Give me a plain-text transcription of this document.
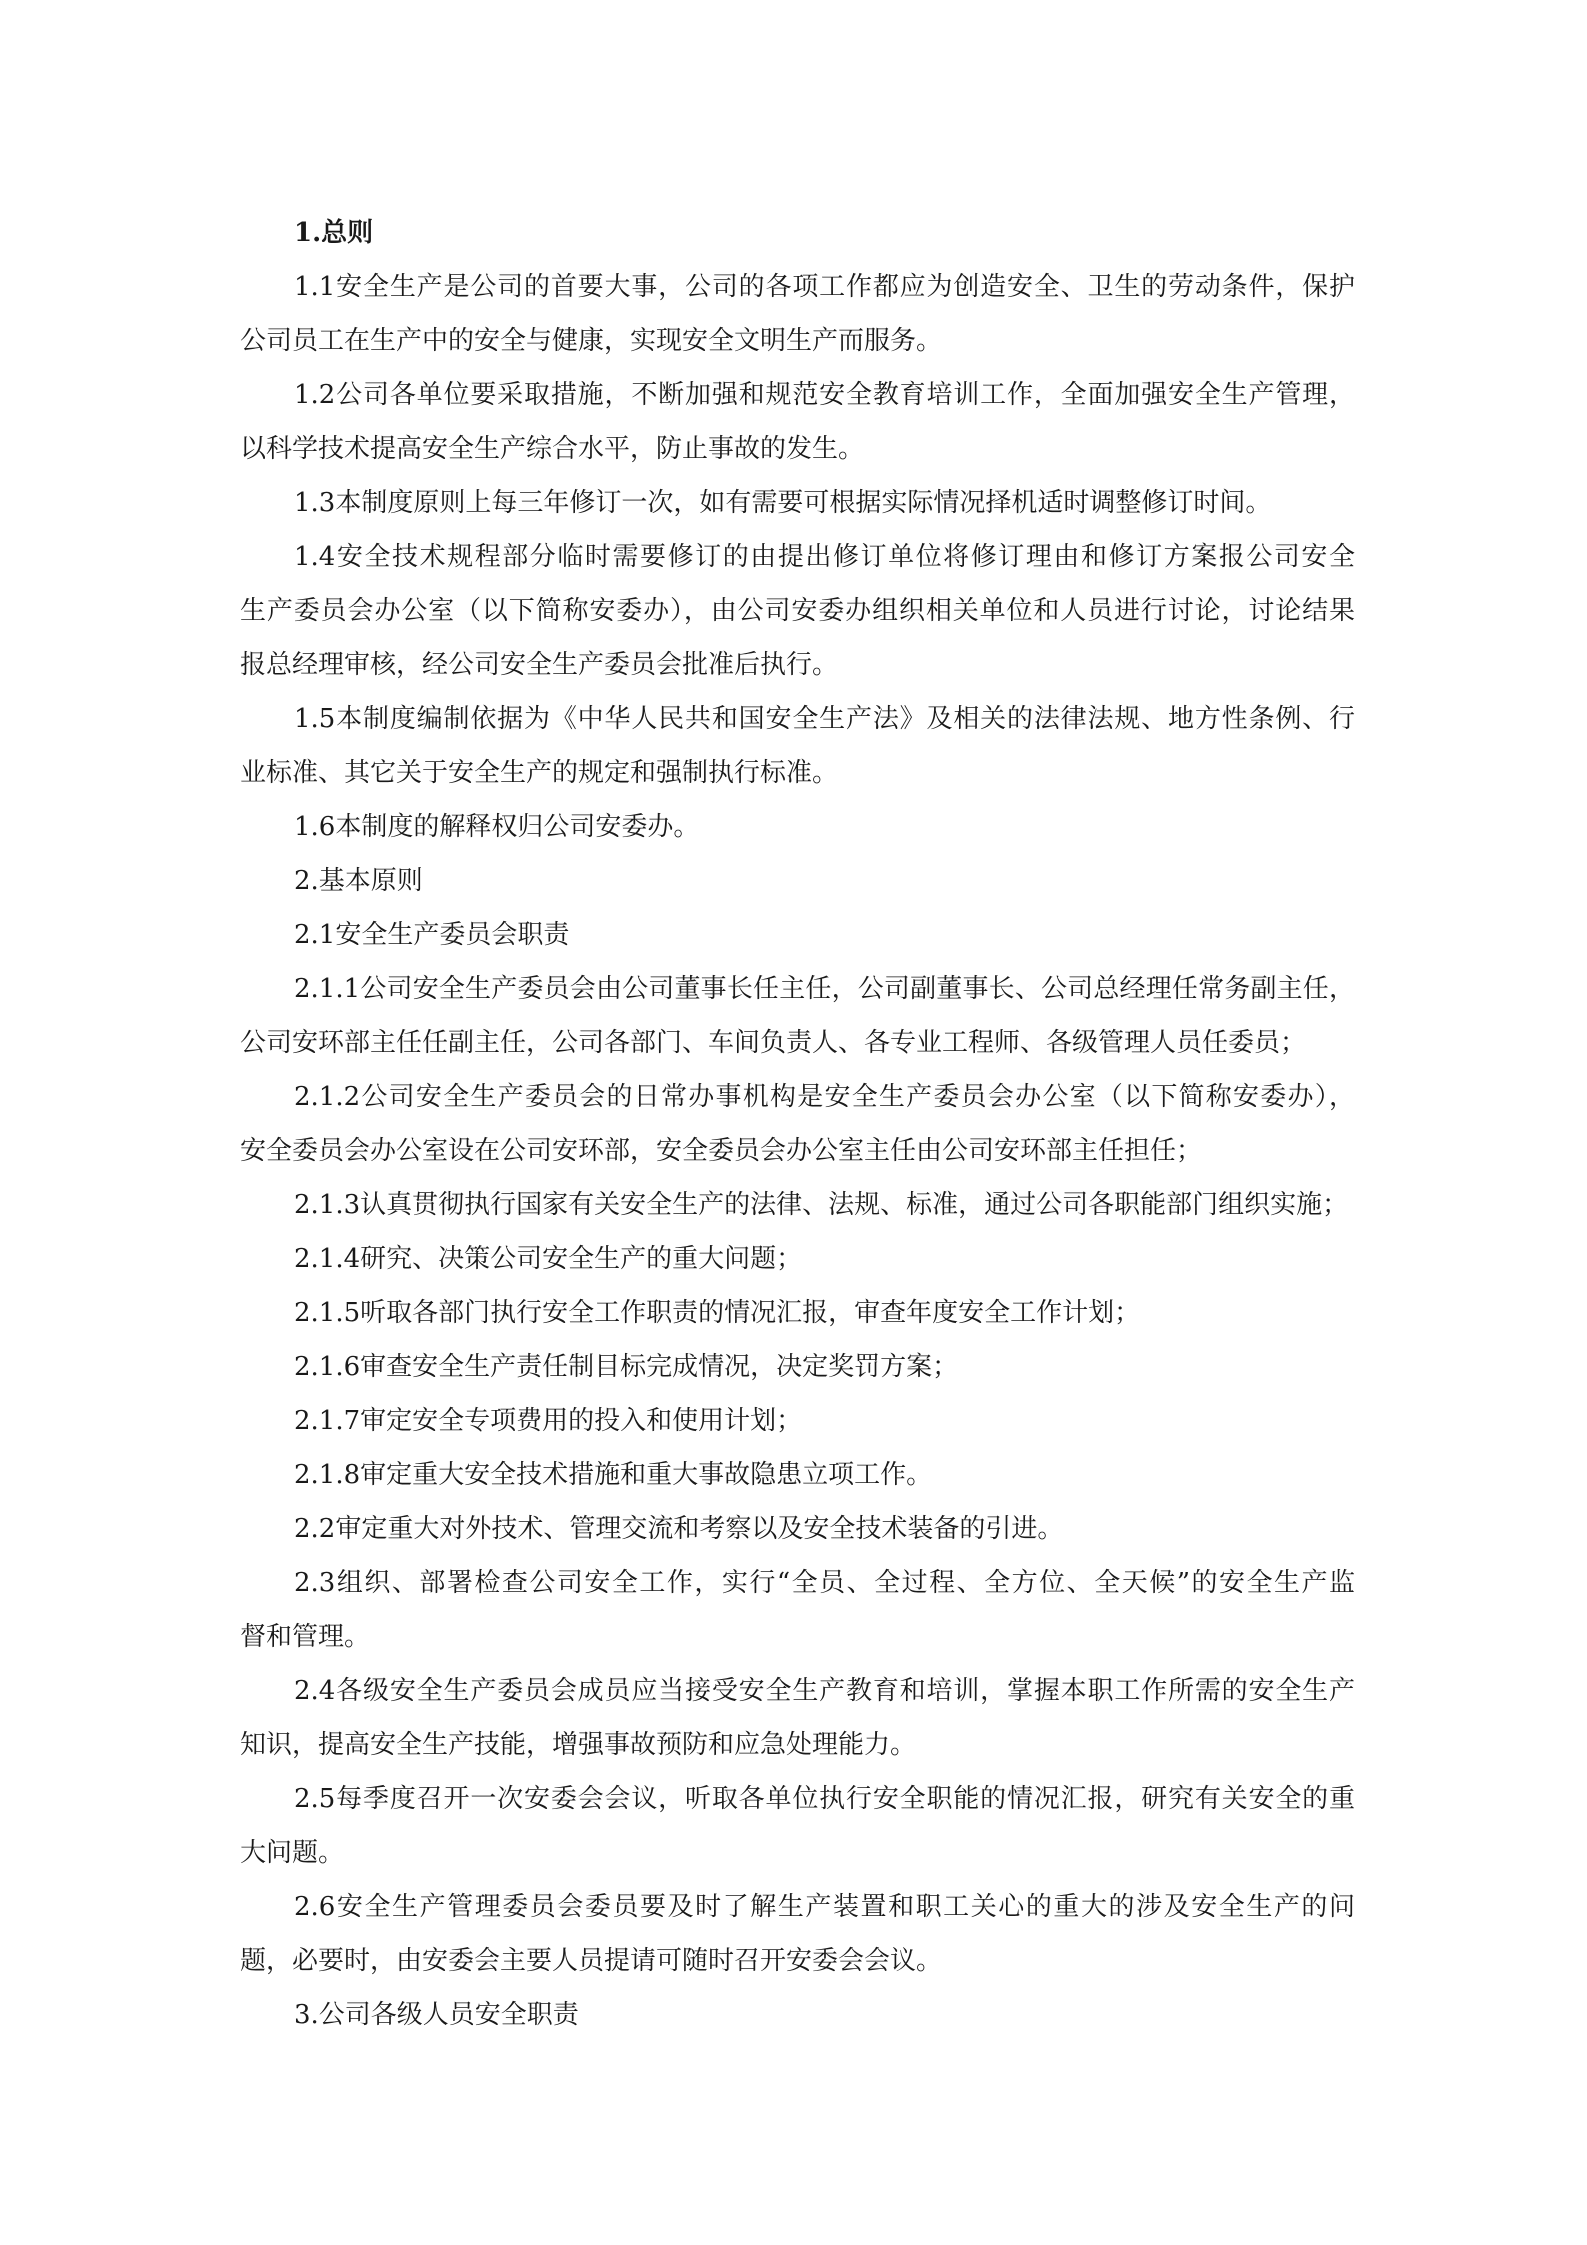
1.总则
1.1安全生产是公司的首要大事，公司的各项工作都应为创造安全、卫生的劳动条件，保护
公司员工在生产中的安全与健康，实现安全文明生产而服务。
1.2公司各单位要采取措施，不断加强和规范安全教育培训工作，全面加强安全生产管理，
以科学技术提高安全生产综合水平，防止事故的发生。
1.3本制度原则上每三年修订一次，如有需要可根据实际情况择机适时调整修订时间。
1.4安全技术规程部分临时需要修订的由提出修订单位将修订理由和修订方案报公司安全
生产委员会办公室（以下简称安委办），由公司安委办组织相关单位和人员进行讨论，讨论结果
报总经理审核，经公司安全生产委员会批准后执行。
1.5本制度编制依据为《中华人民共和国安全生产法》及相关的法律法规、地方性条例、行
业标准、其它关于安全生产的规定和强制执行标准。
1.6本制度的解释权归公司安委办。
2.基本原则
2.1安全生产委员会职责
2.1.1公司安全生产委员会由公司董事长任主任，公司副董事长、公司总经理任常务副主任，
公司安环部主任任副主任，公司各部门、车间负责人、各专业工程师、各级管理人员任委员；
2.1.2公司安全生产委员会的日常办事机构是安全生产委员会办公室（以下简称安委办），
安全委员会办公室设在公司安环部，安全委员会办公室主任由公司安环部主任担任；
2.1.3认真贯彻执行国家有关安全生产的法律、法规、标准，通过公司各职能部门组织实施；
2.1.4研究、决策公司安全生产的重大问题；
2.1.5听取各部门执行安全工作职责的情况汇报，审查年度安全工作计划；
2.1.6审查安全生产责任制目标完成情况，决定奖罚方案；
2.1.7审定安全专项费用的投入和使用计划；
2.1.8审定重大安全技术措施和重大事故隐患立项工作。
2.2审定重大对外技术、管理交流和考察以及安全技术装备的引进。
2.3组织、部署检查公司安全工作，实行“全员、全过程、全方位、全天候”的安全生产监
督和管理。
2.4各级安全生产委员会成员应当接受安全生产教育和培训，掌握本职工作所需的安全生产
知识，提高安全生产技能，增强事故预防和应急处理能力。
2.5每季度召开一次安委会会议，听取各单位执行安全职能的情况汇报，研究有关安全的重
大问题。
2.6安全生产管理委员会委员要及时了解生产装置和职工关心的重大的涉及安全生产的问
题，必要时，由安委会主要人员提请可随时召开安委会会议。
3.公司各级人员安全职责
